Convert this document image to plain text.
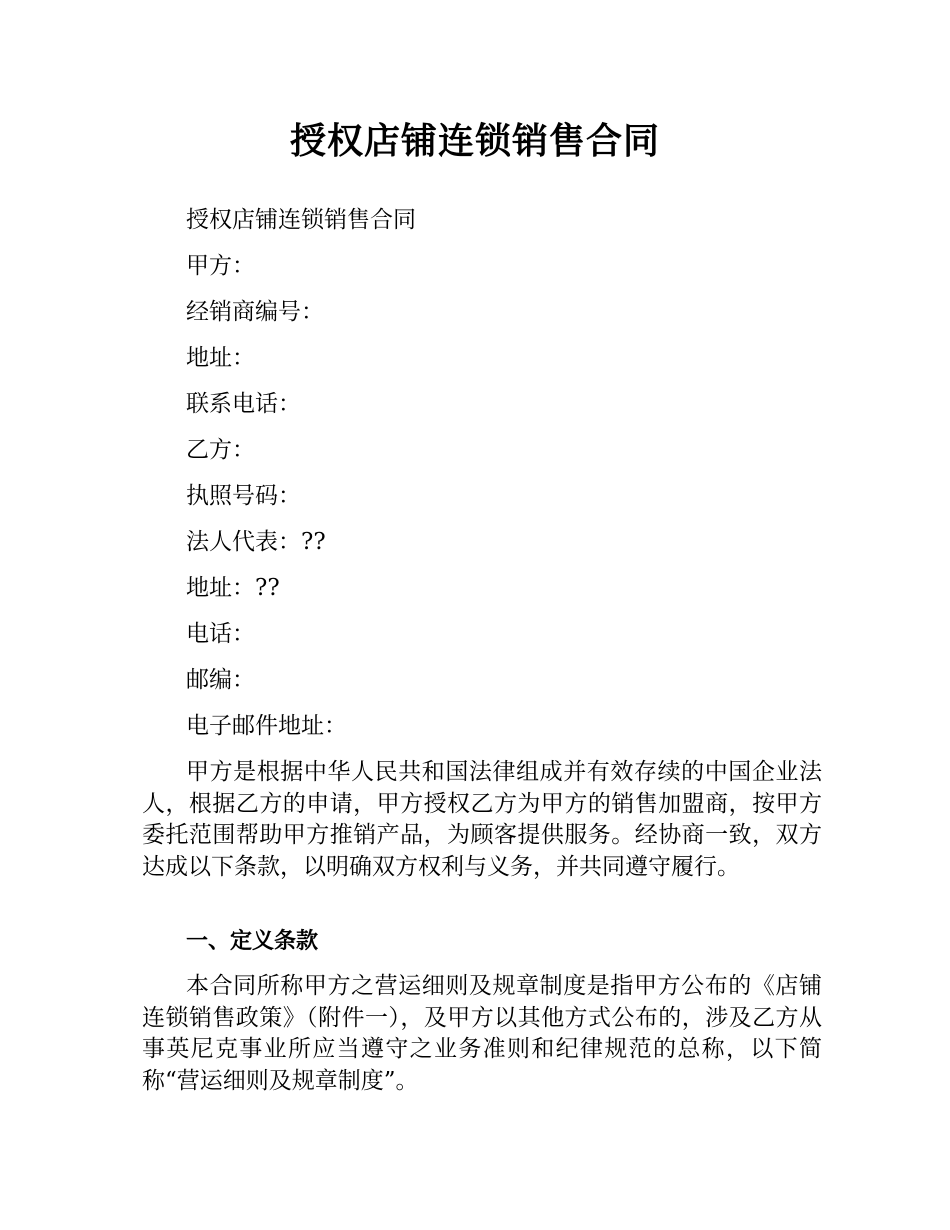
授权店铺连锁销售合同
授权店铺连锁销售合同
甲方：
经销商编号：
地址：
联系电话：
乙方：
执照号码：
法人代表：??
地址：??
电话：
邮编：
电子邮件地址：

甲方是根据中华人民共和国法律组成并有效存续的中国企业法人，根据乙方的申请，甲方授权乙方为甲方的销售加盟商，按甲方委托范围帮助甲方推销产品，为顾客提供服务。经协商一致，双方达成以下条款，以明确双方权利与义务，并共同遵守履行。

一、定义条款

本合同所称甲方之营运细则及规章制度是指甲方公布的《店铺连锁销售政策》（附件一），及甲方以其他方式公布的，涉及乙方从事英尼克事业所应当遵守之业务准则和纪律规范的总称，以下简称“营运细则及规章制度”。
